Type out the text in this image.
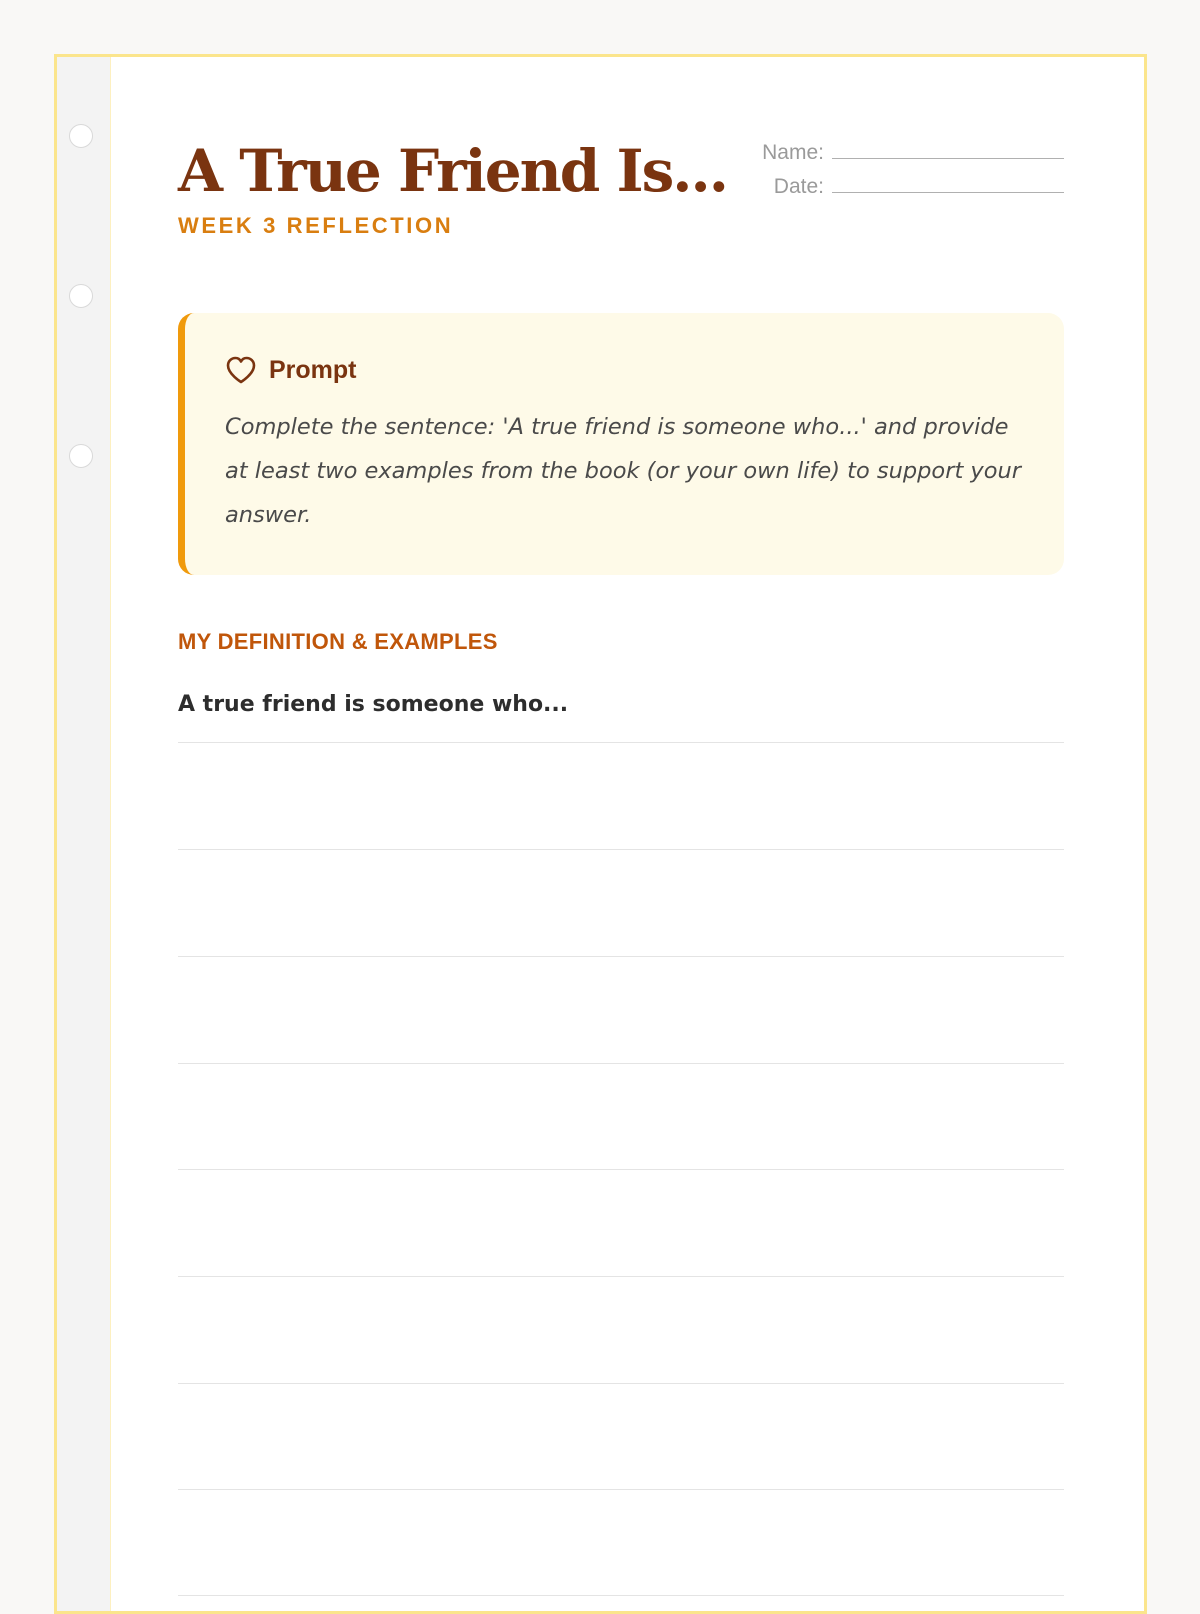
A True Friend Is...
WEEK 3 REFLECTION
Name:
Date:
Prompt

Complete the sentence: 'A true friend is someone who...' and provide at least two examples from the book (or your own life) to support your answer.

MY DEFINITION & EXAMPLES
A true friend is someone who...
